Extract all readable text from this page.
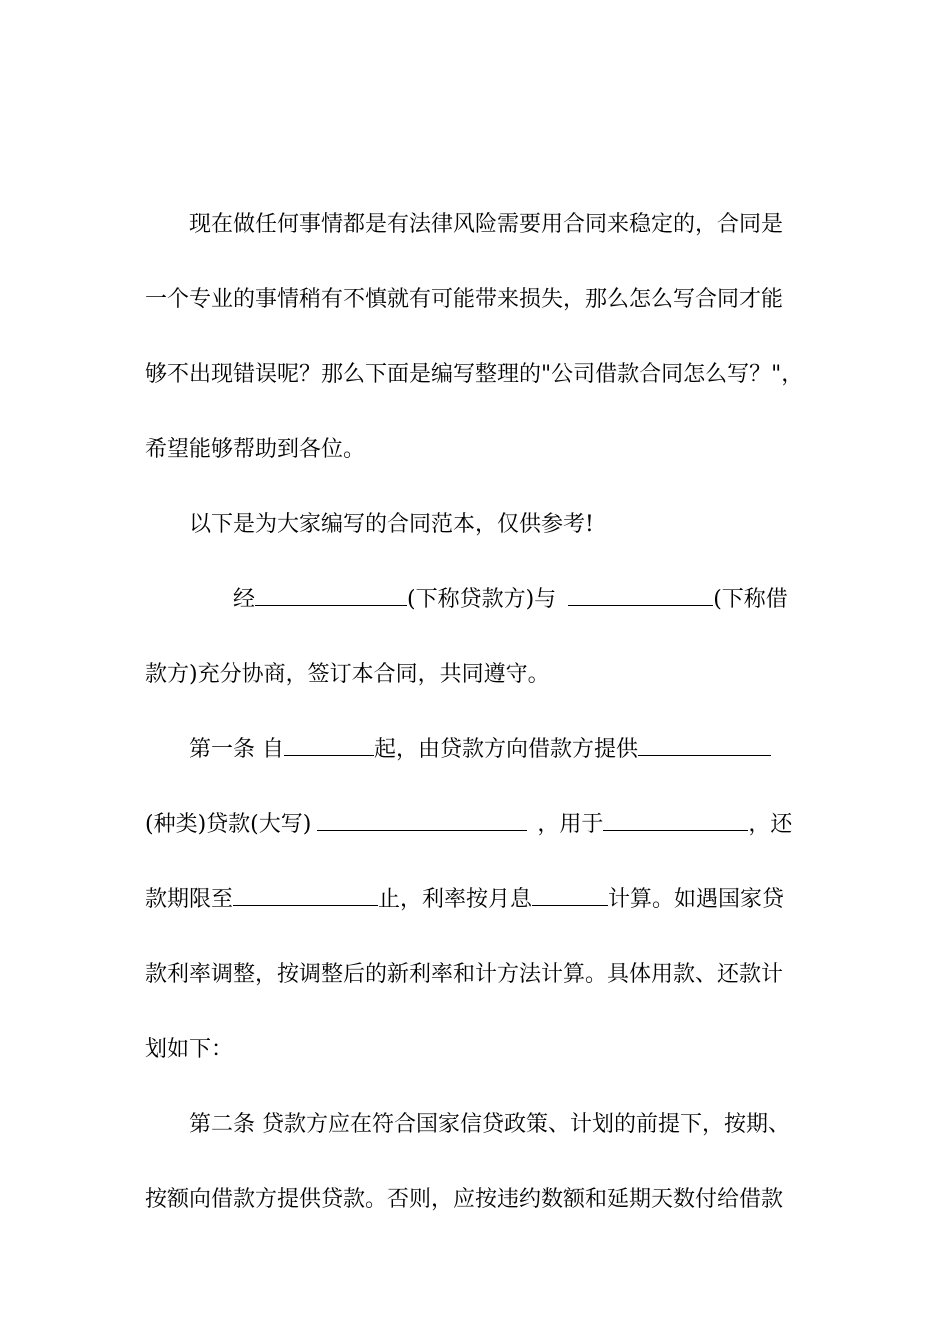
现在做任何事情都是有法律风险需要用合同来稳定的，合同是
一个专业的事情稍有不慎就有可能带来损失，那么怎么写合同才能
够不出现错误呢？那么下面是编写整理的"公司借款合同怎么写？"，
希望能够帮助到各位。
以下是为大家编写的合同范本，仅供参考!
经	(下称贷款方)与	(下称借
款方)充分协商，签订本合同，共同遵守。
第一条 自	起，由贷款方向借款方提供
(种类)贷款(大写)	，用于	，还
款期限至	止，利率按月息	计算。如遇国家贷
款利率调整，按调整后的新利率和计方法计算。具体用款、还款计
划如下：
第二条 贷款方应在符合国家信贷政策、计划的前提下，按期、
按额向借款方提供贷款。否则，应按违约数额和延期天数付给借款
